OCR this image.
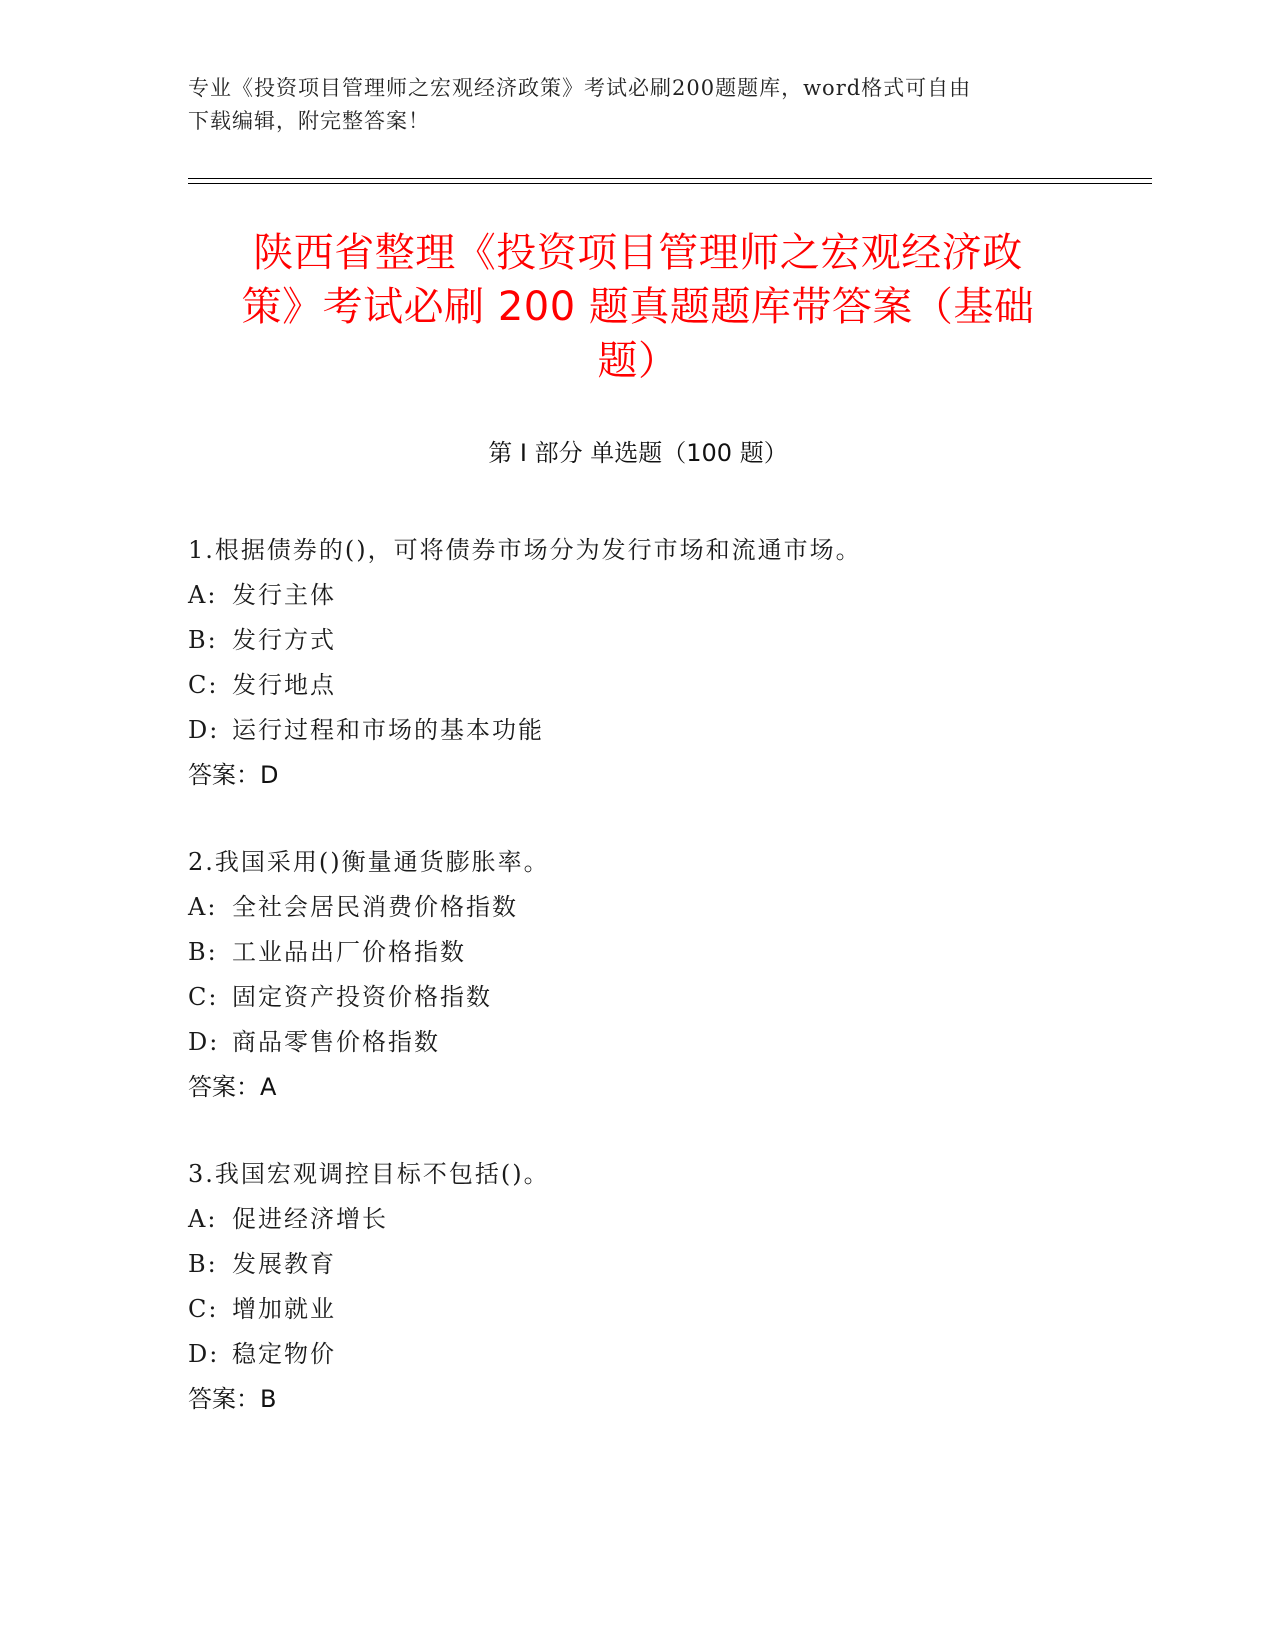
专业《投资项目管理师之宏观经济政策》考试必刷200题题库，word格式可自由
下载编辑，附完整答案！
陕西省整理《投资项目管理师之宏观经济政
策》考试必刷 200 题真题题库带答案（基础
题）
第 I 部分 单选题（100 题）
1.根据债券的()，可将债券市场分为发行市场和流通市场。
A: 发行主体
B: 发行方式
C: 发行地点
D: 运行过程和市场的基本功能
答案：D
2.我国采用()衡量通货膨胀率。
A: 全社会居民消费价格指数
B: 工业品出厂价格指数
C: 固定资产投资价格指数
D: 商品零售价格指数
答案：A
3.我国宏观调控目标不包括()。
A: 促进经济增长
B: 发展教育
C: 增加就业
D: 稳定物价
答案：B
